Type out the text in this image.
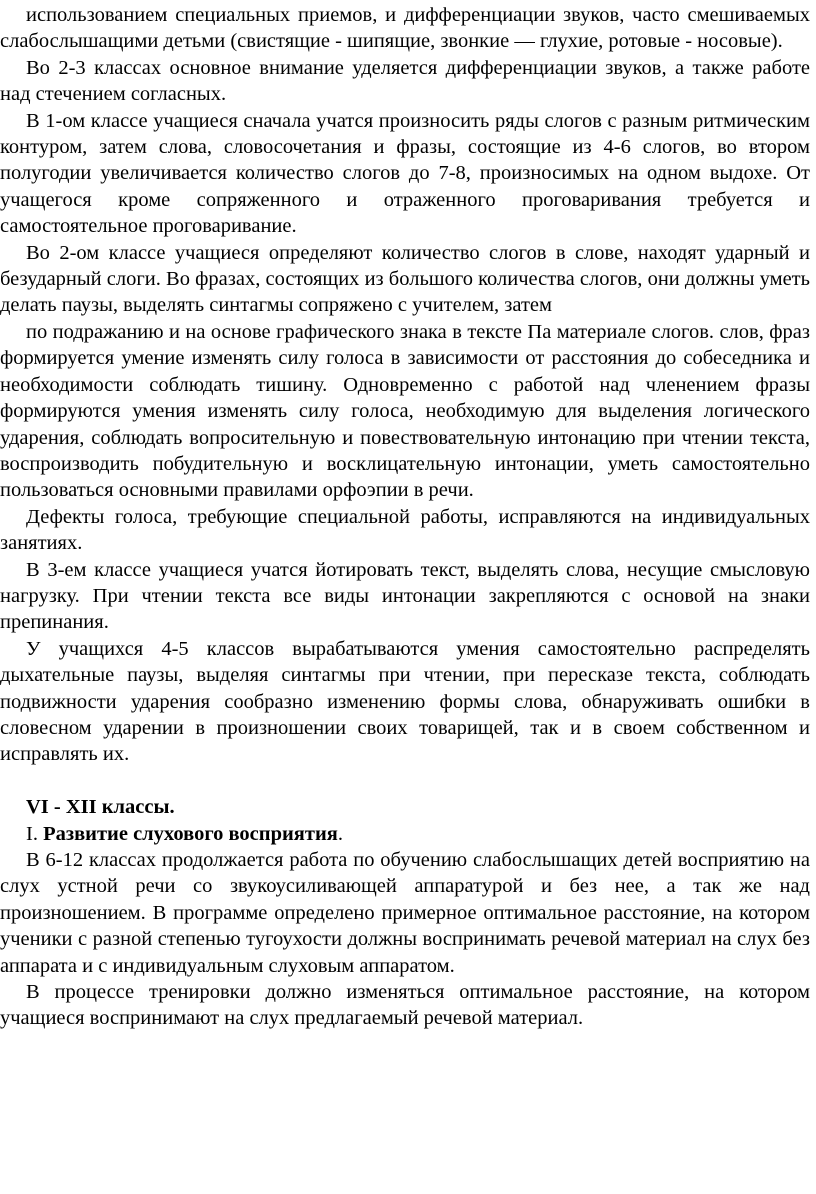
использованием специальных приемов, и дифференциации звуков, часто смешиваемых слабослышащими детьми (свистящие - шипящие, звонкие — глухие, ротовые - носовые).

Во 2-3 классах основное внимание уделяется дифференциации звуков, а также работе над стечением согласных.

В 1-ом классе учащиеся сначала учатся произносить ряды слогов с разным ритмическим контуром, затем слова, словосочетания и фразы, состоящие из 4-6 слогов, во втором полугодии увеличивается количество слогов до 7-8, произносимых на одном выдохе. От учащегося кроме сопряженного и отраженного проговаривания требуется и самостоятельное проговаривание.

Во 2-ом классе учащиеся определяют количество слогов в слове, находят ударный и безударный слоги. Во фразах, состоящих из большого количества слогов, они должны уметь делать паузы, выделять синтагмы сопряжено с учителем, затем

по подражанию и на основе графического знака в тексте Па материале слогов. слов, фраз формируется умение изменять силу голоса в зависимости от расстояния до собеседника и необходимости соблюдать тишину. Одновременно с работой над членением фразы формируются умения изменять силу голоса, необходимую для выделения логического ударения, соблюдать вопросительную и повествовательную интонацию при чтении текста, воспроизводить побудительную и восклицательную интонации, уметь самостоятельно пользоваться основными правилами орфоэпии в речи.

Дефекты голоса, требующие специальной работы, исправляются на индивидуальных занятиях.

В 3-ем классе учащиеся учатся йотировать текст, выделять слова, несущие смысловую нагрузку. При чтении текста все виды интонации закрепляются с основой на знаки препинания.

У учащихся 4-5 классов вырабатываются умения самостоятельно распределять дыхательные паузы, выделяя синтагмы при чтении, при пересказе текста, соблюдать подвижности ударения сообразно изменению формы слова, обнаруживать ошибки в словесном ударении в произношении своих товарищей, так и в своем собственном и исправлять их.

VI - XII классы.

I. Развитие слухового восприятия.

В 6-12 классах продолжается работа по обучению слабослышащих детей восприятию на слух устной речи со звукоусиливающей аппаратурой и без нее, а так же над произношением. В программе определено примерное оптимальное расстояние, на котором ученики с разной степенью тугоухости должны воспринимать речевой материал на слух без аппарата и с индивидуальным слуховым аппаратом.

В процессе тренировки должно изменяться оптимальное расстояние, на котором учащиеся воспринимают на слух предлагаемый речевой материал.
